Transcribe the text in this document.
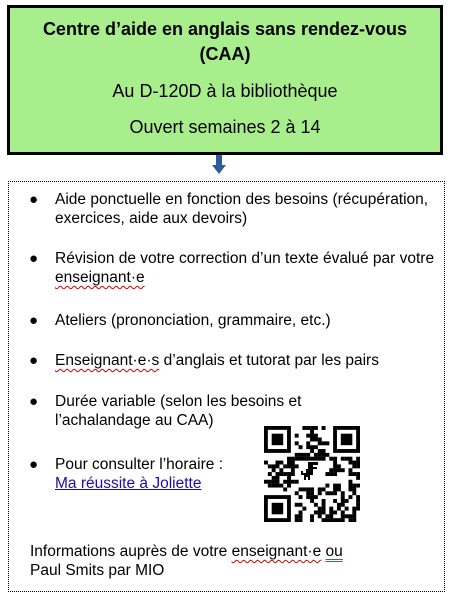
Centre d’aide en anglais sans rendez-vous (CAA)
Au D-120D à la bibliothèque
Ouvert semaines 2 à 14
● Aide ponctuelle en fonction des besoins (récupération, exercices, aide aux devoirs)
● Révision de votre correction d’un texte évalué par votre enseignant·e
● Ateliers (prononciation, grammaire, etc.)
● Enseignant·e·s d’anglais et tutorat par les pairs
● Durée variable (selon les besoins et l’achalandage au CAA)
● Pour consulter l’horaire :
Ma réussite à Joliette
Informations auprès de votre enseignant·e ou
Paul Smits par MIO
